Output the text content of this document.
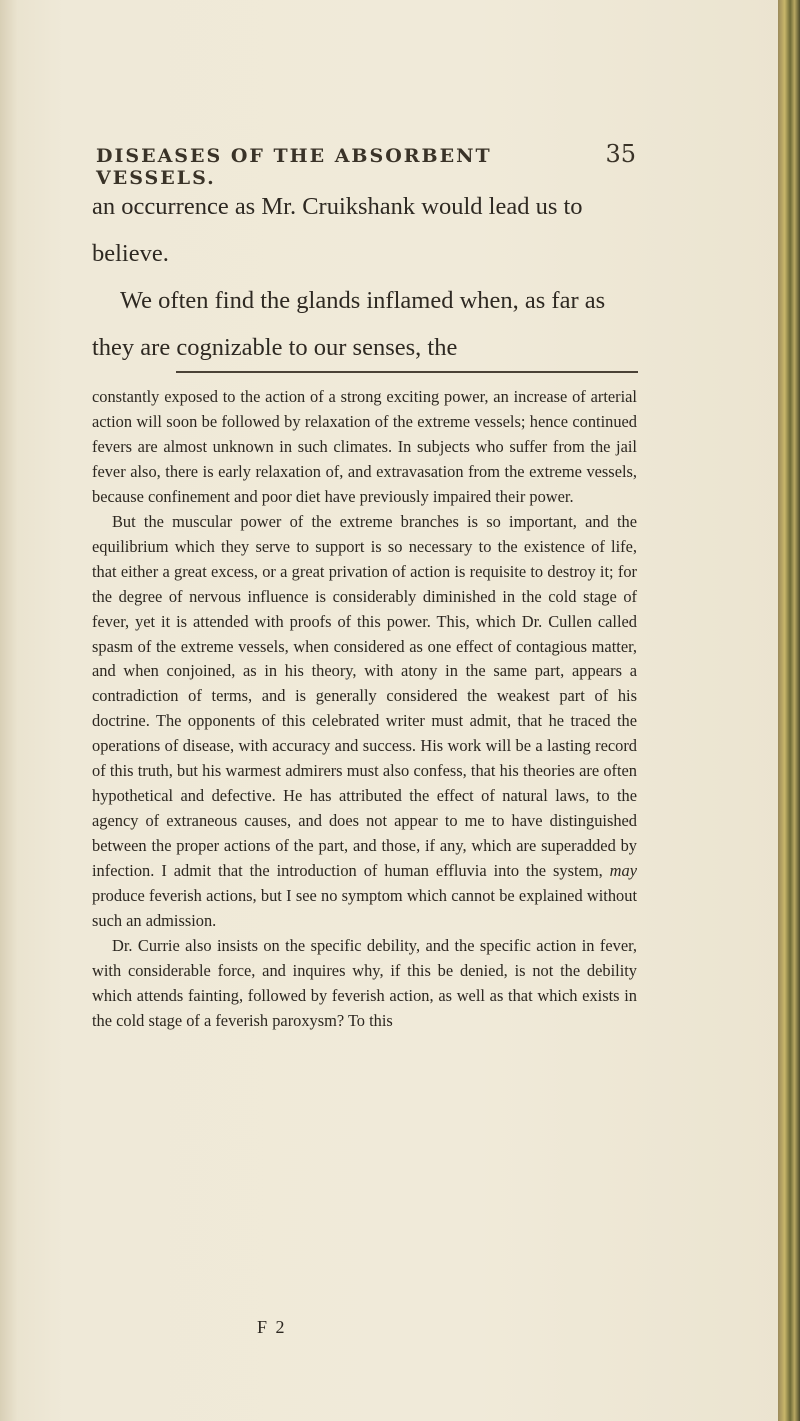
DISEASES OF THE ABSORBENT VESSELS.
35

an occurrence as Mr. Cruikshank would lead us to believe.

We often find the glands inflamed when, as far as they are cognizable to our senses, the

constantly exposed to the action of a strong exciting power, an increase of arterial action will soon be followed by relaxation of the extreme vessels; hence continued fevers are almost unknown in such climates. In subjects who suffer from the jail fever also, there is early relaxation of, and extravasation from the extreme vessels, because confinement and poor diet have previously impaired their power.

But the muscular power of the extreme branches is so important, and the equilibrium which they serve to support is so necessary to the existence of life, that either a great excess, or a great privation of action is requisite to destroy it; for the degree of nervous influence is considerably diminished in the cold stage of fever, yet it is attended with proofs of this power. This, which Dr. Cullen called spasm of the extreme vessels, when considered as one effect of contagious matter, and when conjoined, as in his theory, with atony in the same part, appears a contradiction of terms, and is generally considered the weakest part of his doctrine. The opponents of this celebrated writer must admit, that he traced the operations of disease, with accuracy and success. His work will be a lasting record of this truth, but his warmest admirers must also confess, that his theories are often hypothetical and defective. He has attributed the effect of natural laws, to the agency of extraneous causes, and does not appear to me to have distinguished between the proper actions of the part, and those, if any, which are superadded by infection. I admit that the introduction of human effluvia into the system, may produce feverish actions, but I see no symptom which cannot be explained without such an admission.

Dr. Currie also insists on the specific debility, and the specific action in fever, with considerable force, and inquires why, if this be denied, is not the debility which attends fainting, followed by feverish action, as well as that which exists in the cold stage of a feverish paroxysm? To this

F 2
